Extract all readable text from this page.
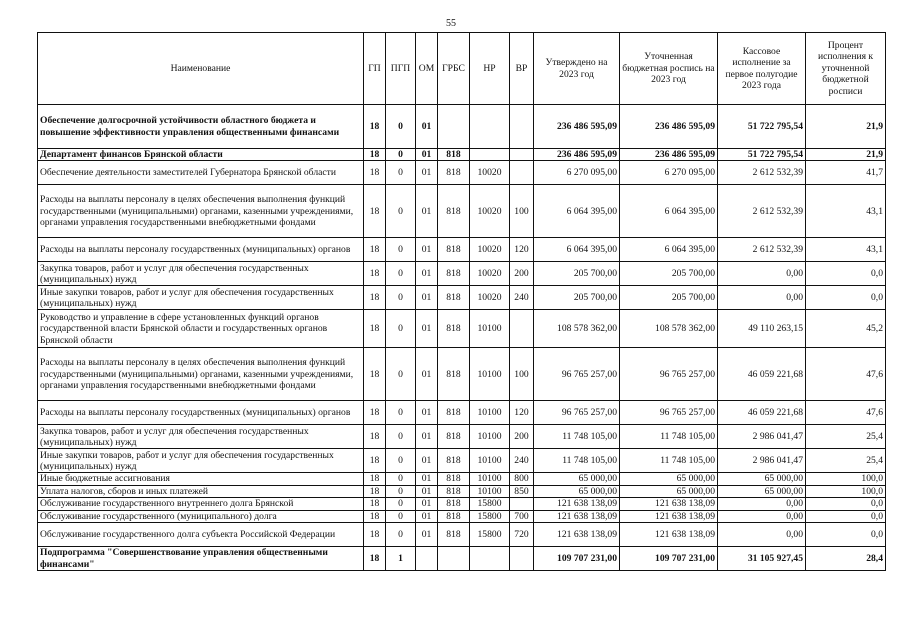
55
Наименование	ГП	ПГП	ОМ	ГРБС	НР	ВР	Утверждено на 2023 год	Уточненная бюджетная роспись на 2023 год	Кассовое исполнение за первое полугодие 2023 года	Процент исполнения к уточненной бюджетной росписи
Обеспечение долгосрочной устойчивости областного бюджета и повышение эффективности управления общественными финансами	18	0	01				236 486 595,09	236 486 595,09	51 722 795,54	21,9
Департамент финансов Брянской области	18	0	01	818			236 486 595,09	236 486 595,09	51 722 795,54	21,9
Обеспечение деятельности заместителей Губернатора Брянской области	18	0	01	818	10020		6 270 095,00	6 270 095,00	2 612 532,39	41,7
Расходы на выплаты персоналу в целях обеспечения выполнения функций государственными (муниципальными) органами, казенными учреждениями, органами управления государственными внебюджетными фондами	18	0	01	818	10020	100	6 064 395,00	6 064 395,00	2 612 532,39	43,1
Расходы на выплаты персоналу государственных (муниципальных) органов	18	0	01	818	10020	120	6 064 395,00	6 064 395,00	2 612 532,39	43,1
Закупка товаров, работ и услуг для обеспечения государственных (муниципальных) нужд	18	0	01	818	10020	200	205 700,00	205 700,00	0,00	0,0
Иные закупки товаров, работ и услуг для обеспечения государственных (муниципальных) нужд	18	0	01	818	10020	240	205 700,00	205 700,00	0,00	0,0
Руководство и управление в сфере установленных функций органов государственной власти Брянской области и государственных органов Брянской области	18	0	01	818	10100		108 578 362,00	108 578 362,00	49 110 263,15	45,2
Расходы на выплаты персоналу в целях обеспечения выполнения функций государственными (муниципальными) органами, казенными учреждениями, органами управления государственными внебюджетными фондами	18	0	01	818	10100	100	96 765 257,00	96 765 257,00	46 059 221,68	47,6
Расходы на выплаты персоналу государственных (муниципальных) органов	18	0	01	818	10100	120	96 765 257,00	96 765 257,00	46 059 221,68	47,6
Закупка товаров, работ и услуг для обеспечения государственных (муниципальных) нужд	18	0	01	818	10100	200	11 748 105,00	11 748 105,00	2 986 041,47	25,4
Иные закупки товаров, работ и услуг для обеспечения государственных (муниципальных) нужд	18	0	01	818	10100	240	11 748 105,00	11 748 105,00	2 986 041,47	25,4
Иные бюджетные ассигнования	18	0	01	818	10100	800	65 000,00	65 000,00	65 000,00	100,0
Уплата налогов, сборов и иных платежей	18	0	01	818	10100	850	65 000,00	65 000,00	65 000,00	100,0
Обслуживание государственного внутреннего долга Брянской	18	0	01	818	15800		121 638 138,09	121 638 138,09	0,00	0,0
Обслуживание государственного (муниципального) долга	18	0	01	818	15800	700	121 638 138,09	121 638 138,09	0,00	0,0
Обслуживание государственного долга субъекта Российской Федерации	18	0	01	818	15800	720	121 638 138,09	121 638 138,09	0,00	0,0
Подпрограмма "Совершенствование управления общественными финансами"	18	1					109 707 231,00	109 707 231,00	31 105 927,45	28,4
